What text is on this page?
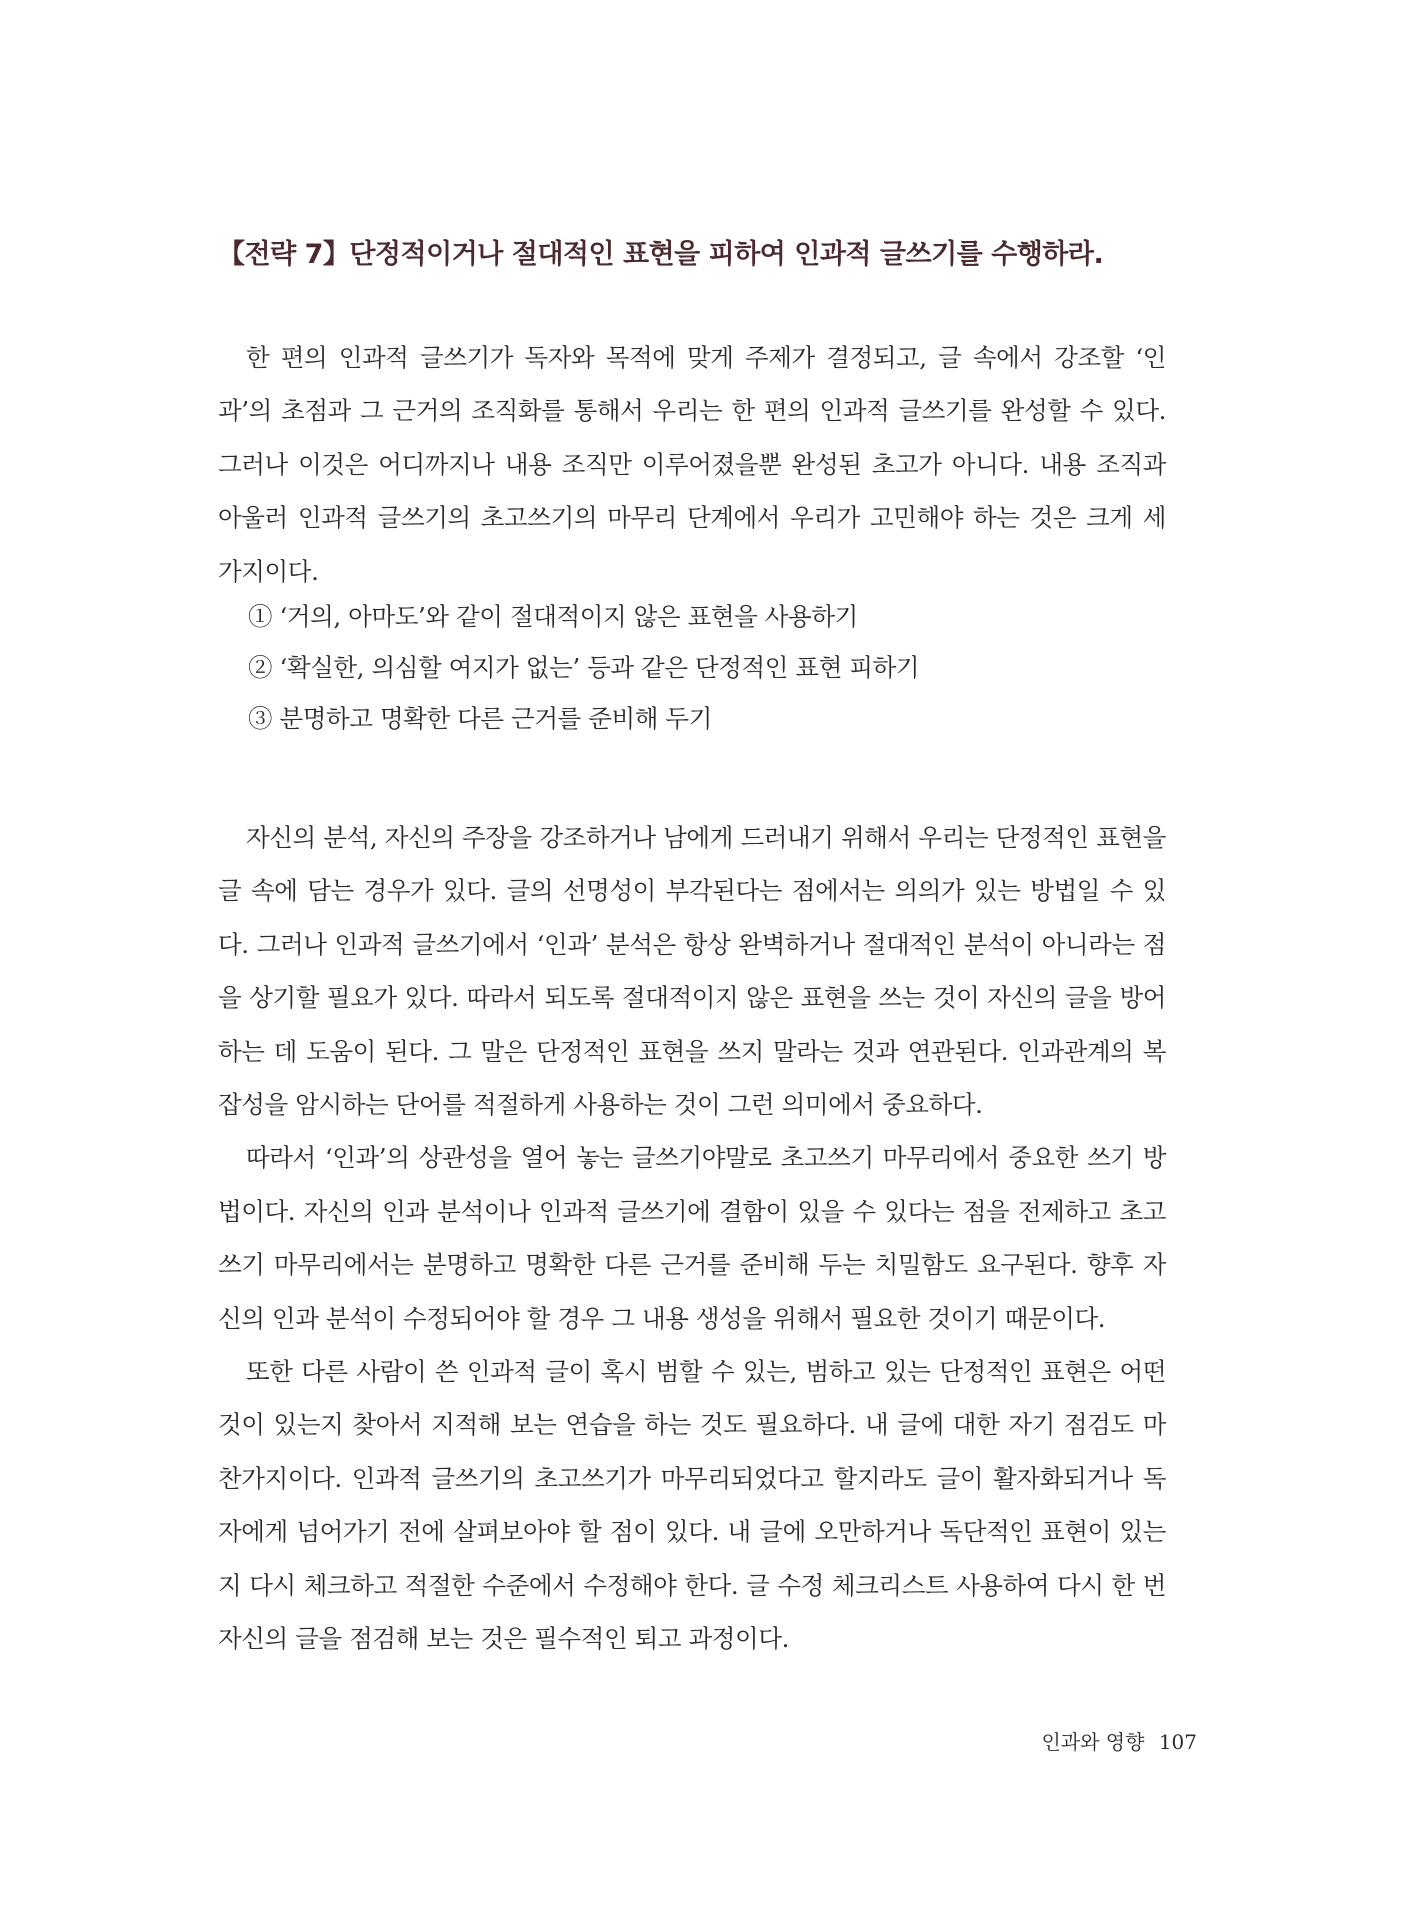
【전략 7】단정적이거나 절대적인 표현을 피하여 인과적 글쓰기를 수행하라.

한 편의 인과적 글쓰기가 독자와 목적에 맞게 주제가 결정되고, 글 속에서 강조할 ‘인과’의 초점과 그 근거의 조직화를 통해서 우리는 한 편의 인과적 글쓰기를 완성할 수 있다. 그러나 이것은 어디까지나 내용 조직만 이루어졌을뿐 완성된 초고가 아니다. 내용 조직과 아울러 인과적 글쓰기의 초고쓰기의 마무리 단계에서 우리가 고민해야 하는 것은 크게 세 가지이다.

① ‘거의, 아마도’와 같이 절대적이지 않은 표현을 사용하기
② ‘확실한, 의심할 여지가 없는’ 등과 같은 단정적인 표현 피하기
③ 분명하고 명확한 다른 근거를 준비해 두기

자신의 분석, 자신의 주장을 강조하거나 남에게 드러내기 위해서 우리는 단정적인 표현을 글 속에 담는 경우가 있다. 글의 선명성이 부각된다는 점에서는 의의가 있는 방법일 수 있다. 그러나 인과적 글쓰기에서 ‘인과’ 분석은 항상 완벽하거나 절대적인 분석이 아니라는 점을 상기할 필요가 있다. 따라서 되도록 절대적이지 않은 표현을 쓰는 것이 자신의 글을 방어하는 데 도움이 된다. 그 말은 단정적인 표현을 쓰지 말라는 것과 연관된다. 인과관계의 복잡성을 암시하는 단어를 적절하게 사용하는 것이 그런 의미에서 중요하다.

따라서 ‘인과’의 상관성을 열어 놓는 글쓰기야말로 초고쓰기 마무리에서 중요한 쓰기 방법이다. 자신의 인과 분석이나 인과적 글쓰기에 결함이 있을 수 있다는 점을 전제하고 초고쓰기 마무리에서는 분명하고 명확한 다른 근거를 준비해 두는 치밀함도 요구된다. 향후 자신의 인과 분석이 수정되어야 할 경우 그 내용 생성을 위해서 필요한 것이기 때문이다.

또한 다른 사람이 쓴 인과적 글이 혹시 범할 수 있는, 범하고 있는 단정적인 표현은 어떤 것이 있는지 찾아서 지적해 보는 연습을 하는 것도 필요하다. 내 글에 대한 자기 점검도 마찬가지이다. 인과적 글쓰기의 초고쓰기가 마무리되었다고 할지라도 글이 활자화되거나 독자에게 넘어가기 전에 살펴보아야 할 점이 있다. 내 글에 오만하거나 독단적인 표현이 있는지 다시 체크하고 적절한 수준에서 수정해야 한다. 글 수정 체크리스트 사용하여 다시 한 번 자신의 글을 점검해 보는 것은 필수적인 퇴고 과정이다.

인과와 영향 107
